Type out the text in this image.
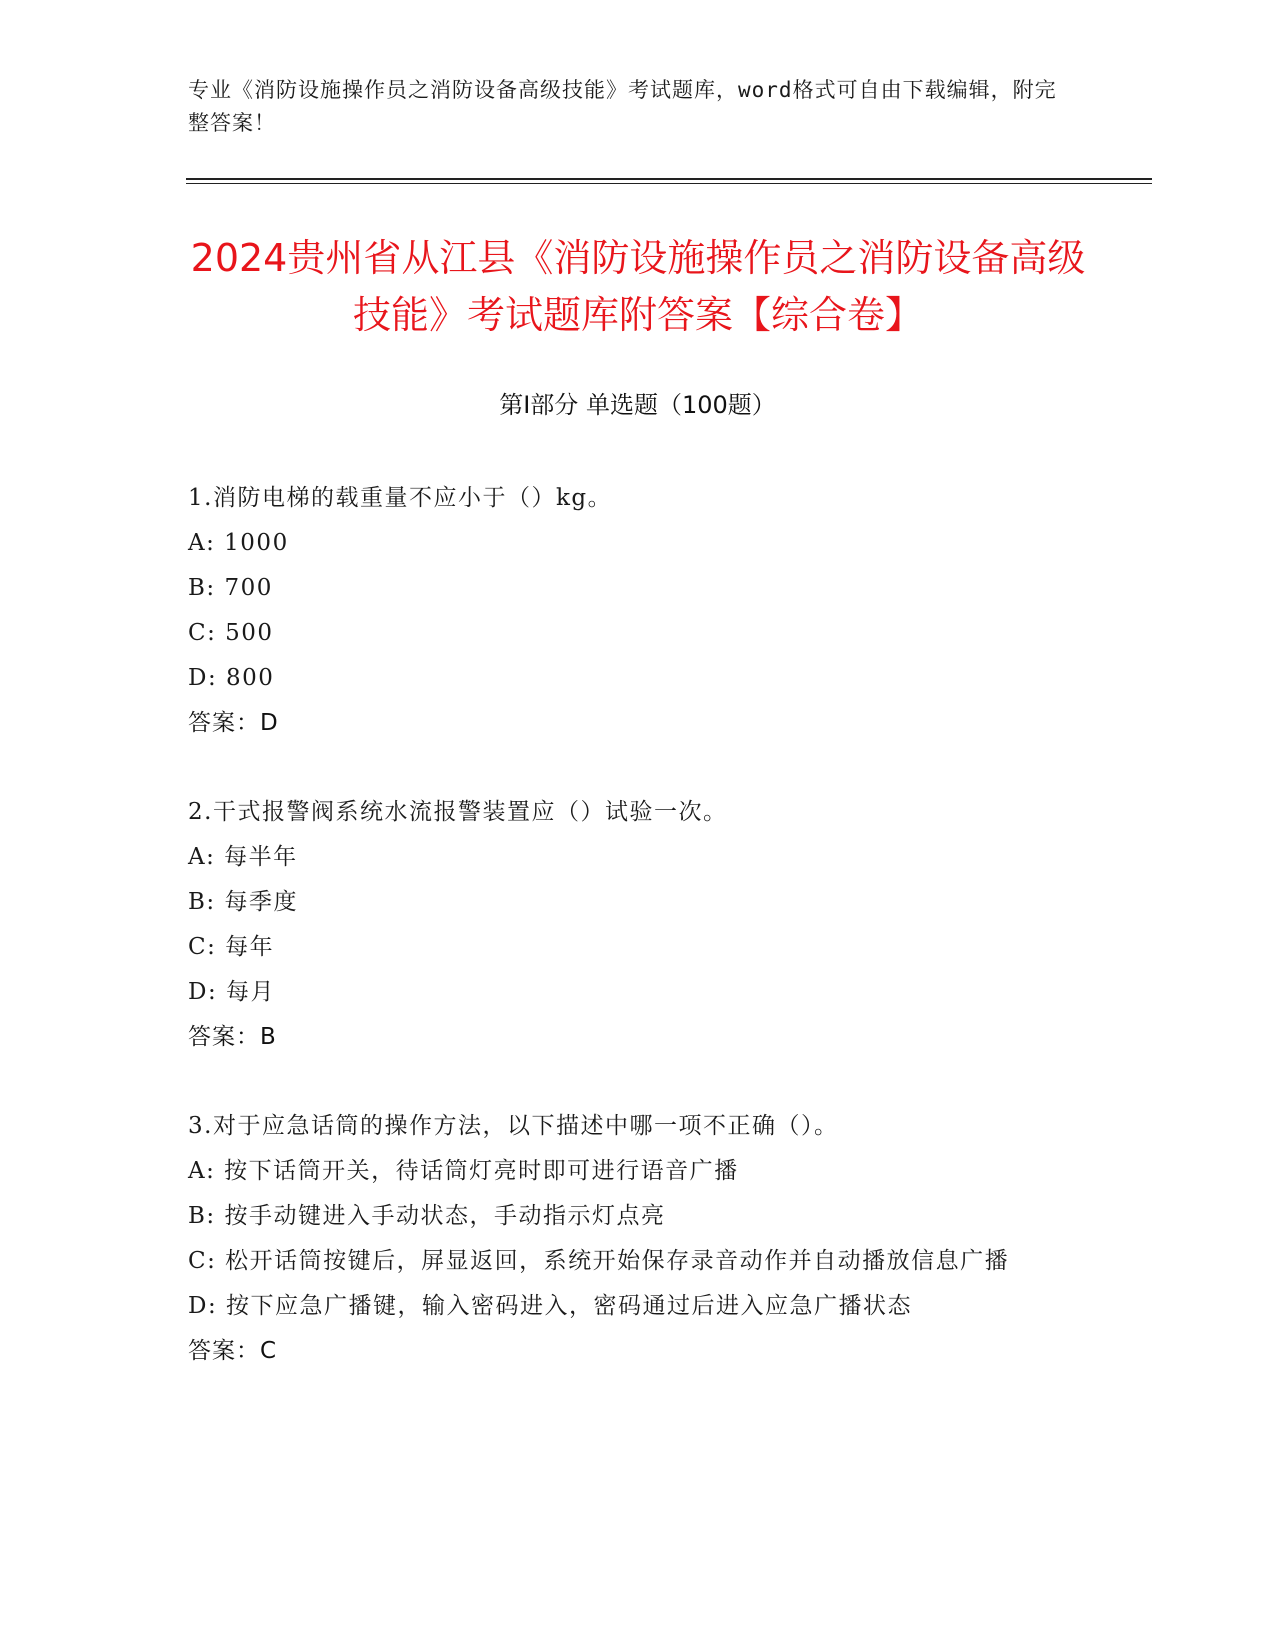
专业《消防设施操作员之消防设备高级技能》考试题库，word格式可自由下载编辑，附完整答案！
2024贵州省从江县《消防设施操作员之消防设备高级技能》考试题库附答案【综合卷】
第Ⅰ部分 单选题（100题）
1.消防电梯的载重量不应小于（）kg。
A: 1000
B: 700
C: 500
D: 800
答案：D
2.干式报警阀系统水流报警装置应（）试验一次。
A: 每半年
B: 每季度
C: 每年
D: 每月
答案：B
3.对于应急话筒的操作方法，以下描述中哪一项不正确（）。
A: 按下话筒开关，待话筒灯亮时即可进行语音广播
B: 按手动键进入手动状态，手动指示灯点亮
C: 松开话筒按键后，屏显返回，系统开始保存录音动作并自动播放信息广播
D: 按下应急广播键，输入密码进入，密码通过后进入应急广播状态
答案：C
